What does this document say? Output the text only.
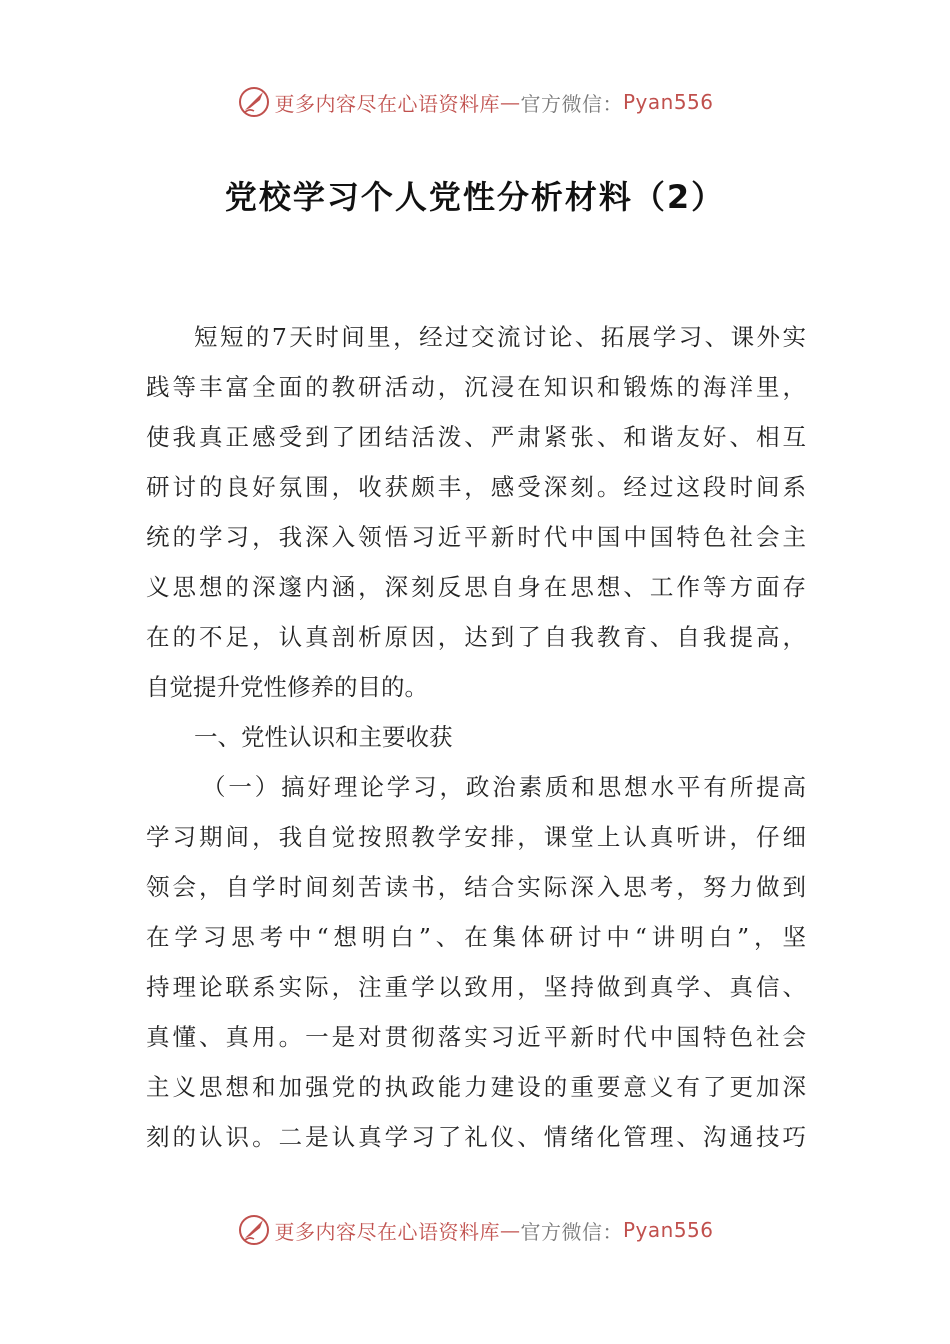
更多内容尽在心语资料库 — 官方微信： Pyan556
党校学习个人党性分析材料（2）
短短的7天时间里，经过交流讨论、拓展学习、课外实
践等丰富全面的教研活动，沉浸在知识和锻炼的海洋里，
使我真正感受到了团结活泼、严肃紧张、和谐友好、相互
研讨的良好氛围，收获颇丰，感受深刻。经过这段时间系
统的学习，我深入领悟习近平新时代中国中国特色社会主
义思想的深邃内涵，深刻反思自身在思想、工作等方面存
在的不足，认真剖析原因，达到了自我教育、自我提高，
自觉提升党性修养的目的。
一、党性认识和主要收获
（一）搞好理论学习，政治素质和思想水平有所提高
学习期间，我自觉按照教学安排，课堂上认真听讲，仔细
领会，自学时间刻苦读书，结合实际深入思考，努力做到
在学习思考中“想明白”、在集体研讨中“讲明白”，坚
持理论联系实际，注重学以致用，坚持做到真学、真信、
真懂、真用。一是对贯彻落实习近平新时代中国特色社会
主义思想和加强党的执政能力建设的重要意义有了更加深
刻的认识。二是认真学习了礼仪、情绪化管理、沟通技巧
更多内容尽在心语资料库 — 官方微信： Pyan556
